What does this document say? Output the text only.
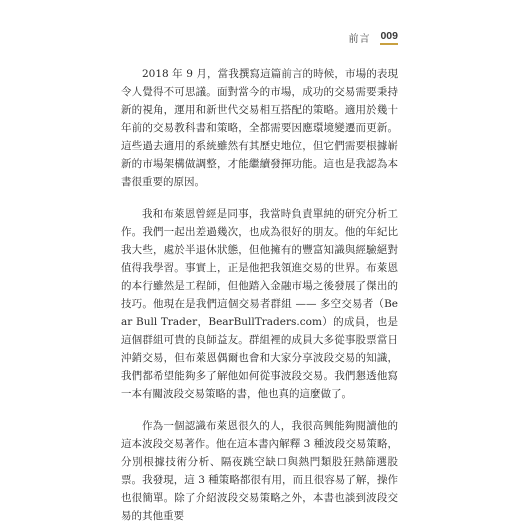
前言 009

2018 年 9 月，當我撰寫這篇前言的時候，市場的表現令人覺得不可思議。面對當今的市場，成功的交易需要秉持新的視角，運用和新世代交易相互搭配的策略。適用於幾十年前的交易教科書和策略，全都需要因應環境變遷而更新。這些過去適用的系統雖然有其歷史地位，但它們需要根據嶄新的市場架構做調整，才能繼續發揮功能。這也是我認為本書很重要的原因。

我和布萊恩曾經是同事，我當時負責單純的研究分析工作。我們一起出差過幾次，也成為很好的朋友。他的年紀比我大些，處於半退休狀態，但他擁有的豐富知識與經驗絕對值得我學習。事實上，正是他把我領進交易的世界。布萊恩的本行雖然是工程師，但他踏入金融市場之後發展了傑出的技巧。他現在是我們這個交易者群組 —— 多空交易者（Bear Bull Trader，BearBullTraders.com）的成員，也是這個群組可貴的良師益友。群組裡的成員大多從事股票當日沖銷交易，但布萊恩偶爾也會和大家分享波段交易的知識，我們都希望能夠多了解他如何從事波段交易。我們懇透他寫一本有關波段交易策略的書，他也真的這麼做了。

作為一個認識布萊恩很久的人，我很高興能夠閱讀他的這本波段交易著作。他在這本書內解釋 3 種波段交易策略，分別根據技術分析、隔夜跳空缺口與熱門類股狂熱篩選股票。我發現，這 3 種策略都很有用，而且很容易了解，操作也很簡單。除了介紹波段交易策略之外，本書也談到波段交易的其他重要
